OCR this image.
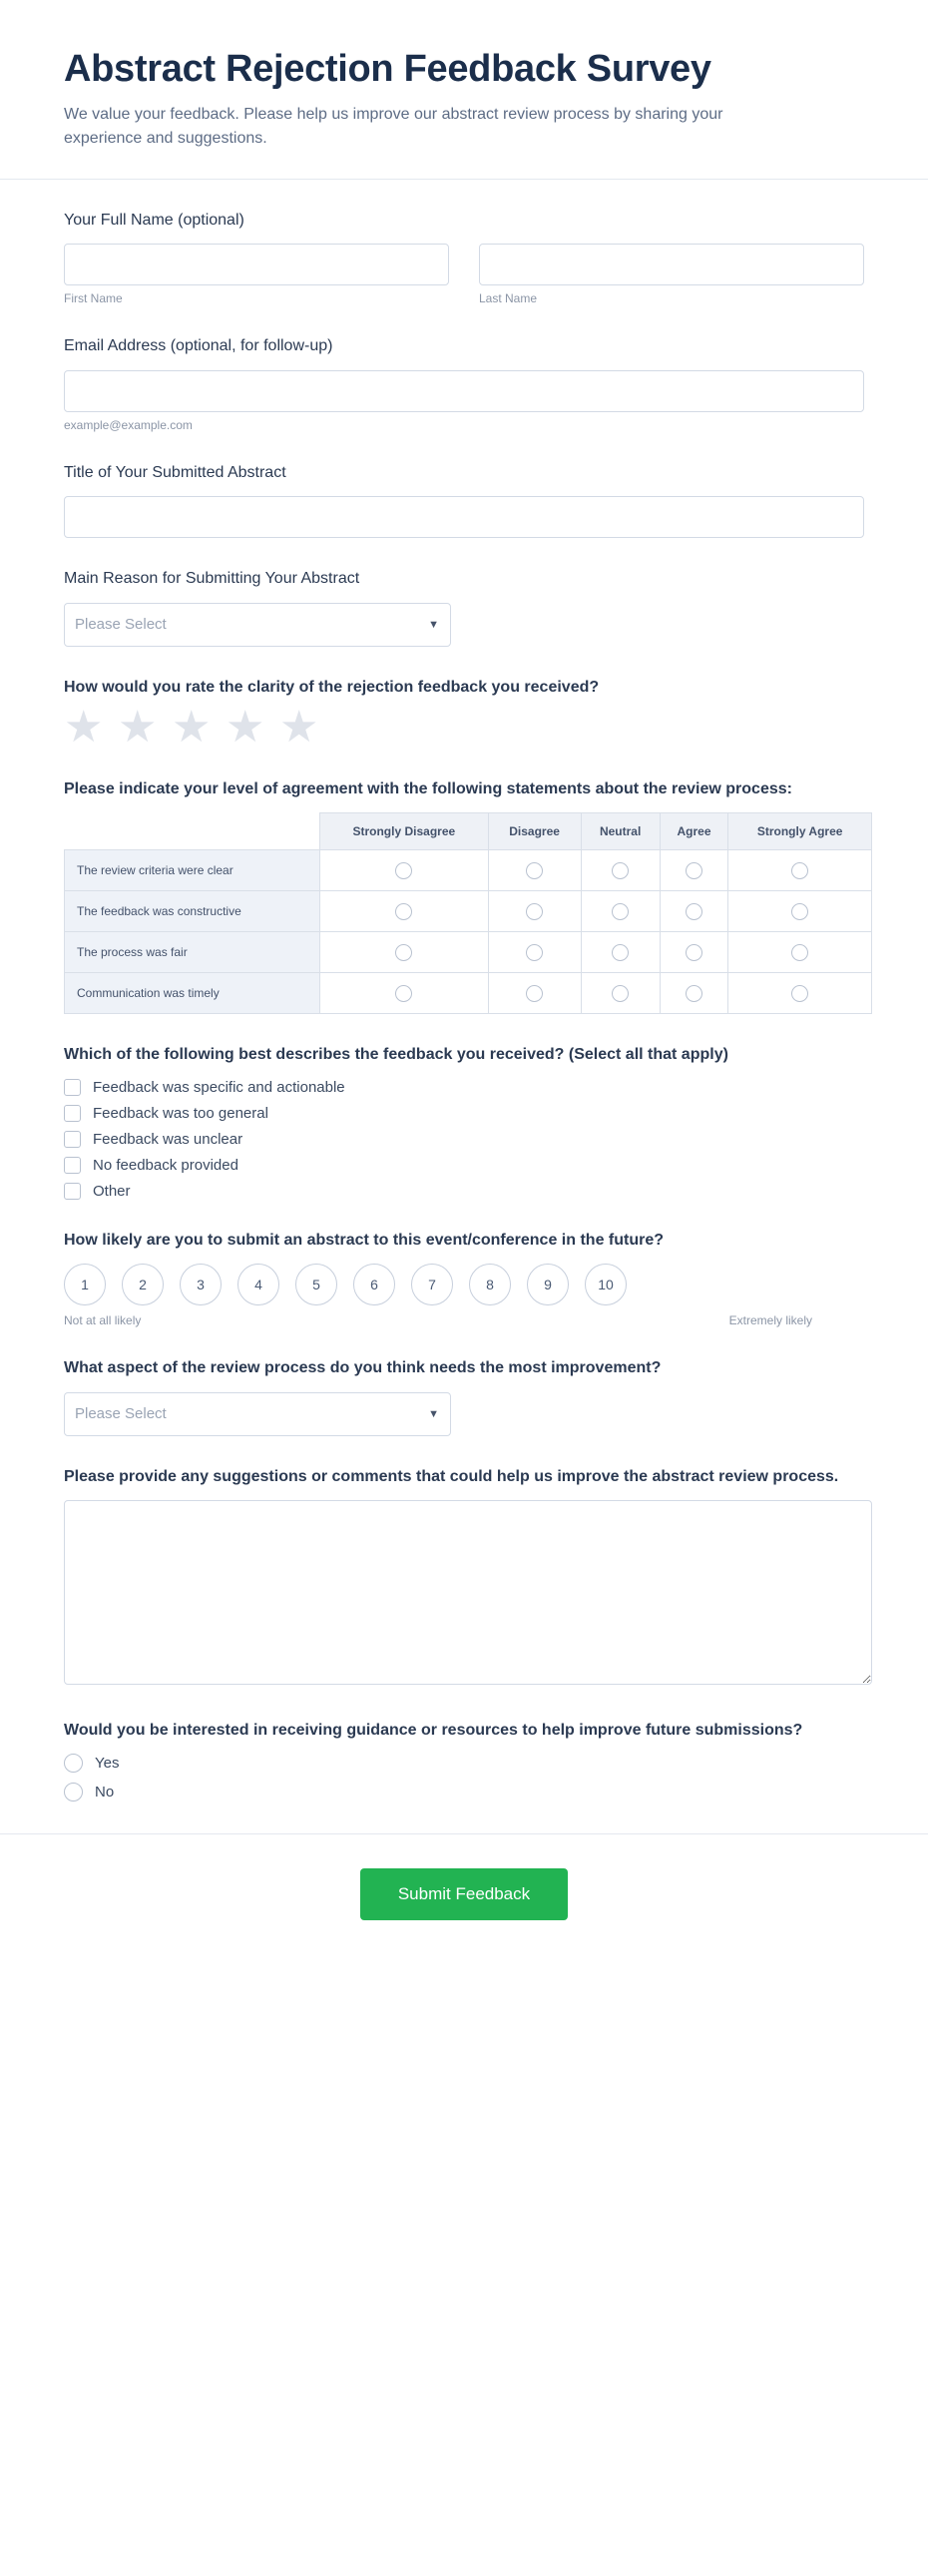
Abstract Rejection Feedback Survey

We value your feedback. Please help us improve our abstract review process by sharing your experience and suggestions.

Your Full Name (optional)
First Name	Last Name
Email Address (optional, for follow-up)
example@example.com
Title of Your Submitted Abstract
Main Reason for Submitting Your Abstract
Please Select
▼
How would you rate the clarity of the rejection feedback you received?
★ ★ ★ ★ ★
Please indicate your level of agreement with the following statements about the review process:
	Strongly Disagree	Disagree	Neutral	Agree	Strongly Agree
The review criteria were clear					
The feedback was constructive					
The process was fair					
Communication was timely					
Which of the following best describes the feedback you received? (Select all that apply)
Feedback was specific and actionable
Feedback was too general
Feedback was unclear
No feedback provided
Other
How likely are you to submit an abstract to this event/conference in the future?
1	2	3	4	5	6	7	8	9	10
Not at all likely	Extremely likely
What aspect of the review process do you think needs the most improvement?
Please Select
▼
Please provide any suggestions or comments that could help us improve the abstract review process.
Would you be interested in receiving guidance or resources to help improve future submissions?
Yes
No
Submit Feedback
